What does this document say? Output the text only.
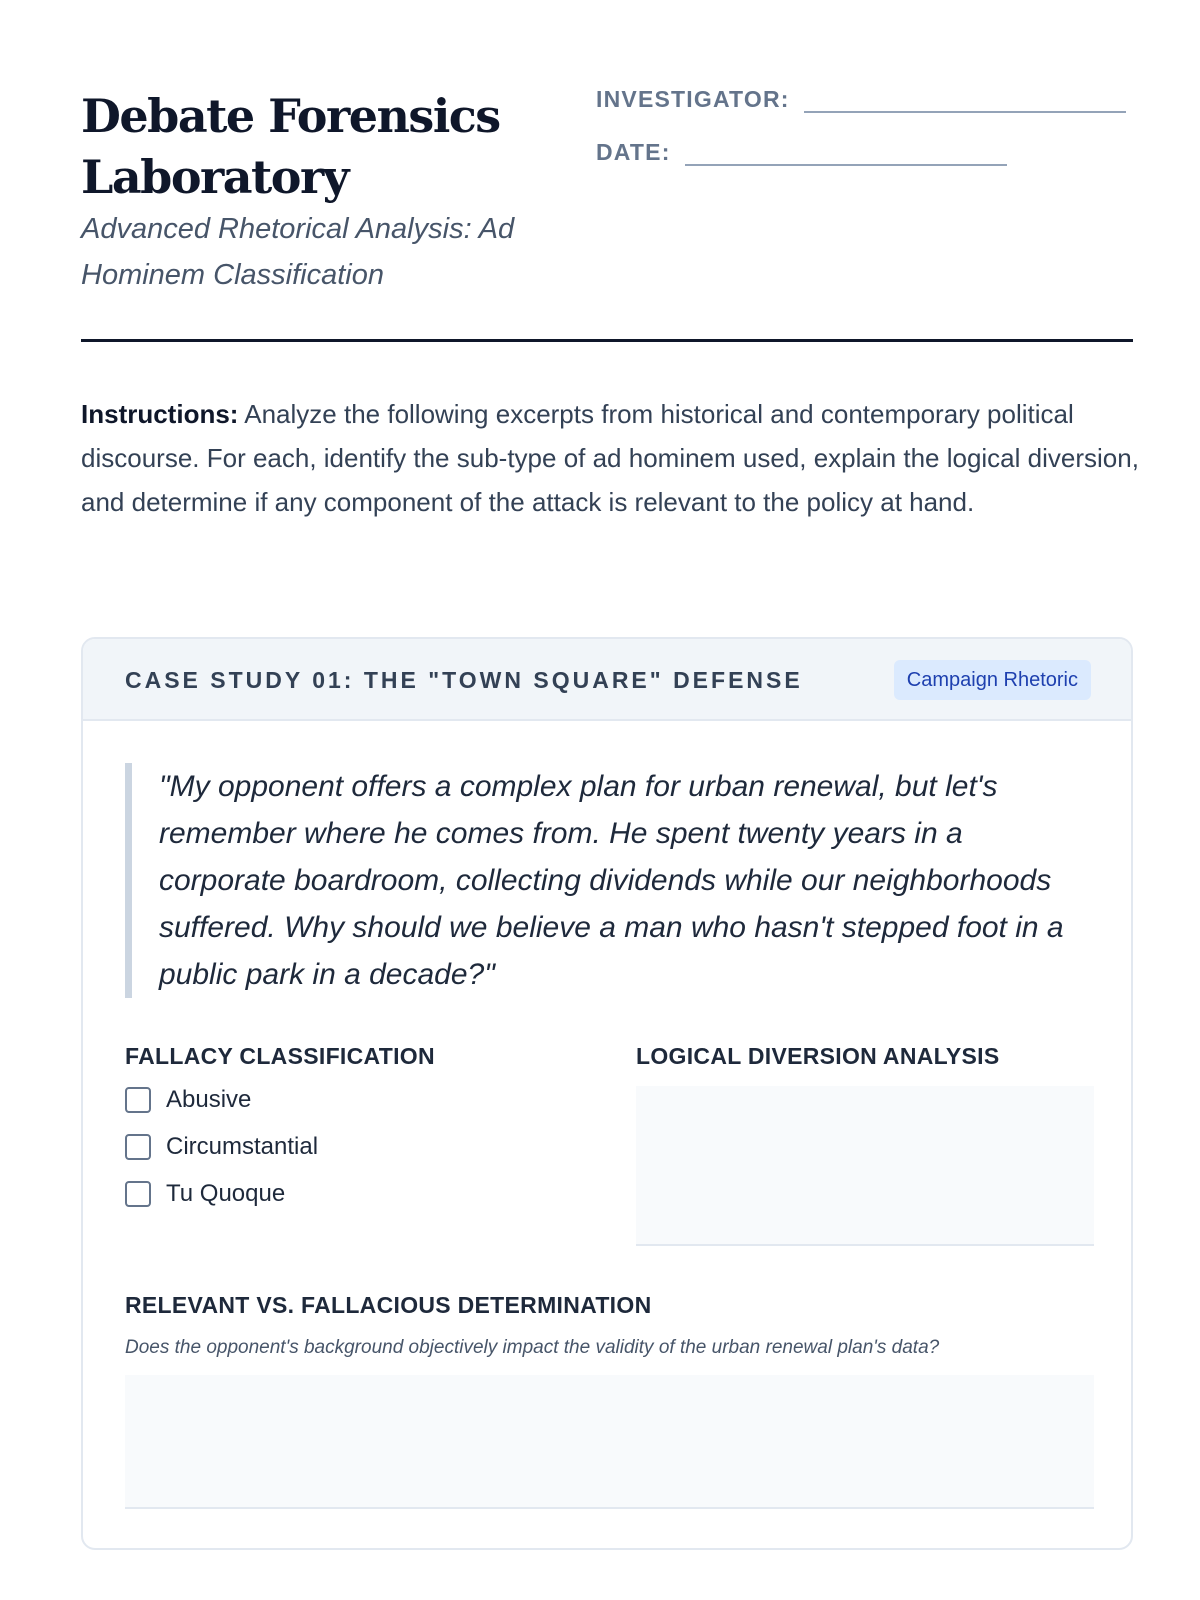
Debate Forensics Laboratory
Advanced Rhetorical Analysis: Ad Hominem Classification
INVESTIGATOR:
DATE:
Instructions: Analyze the following excerpts from historical and contemporary political discourse. For each, identify the sub-type of ad hominem used, explain the logical diversion, and determine if any component of the attack is relevant to the policy at hand.
CASE STUDY 01: THE "TOWN SQUARE" DEFENSE	Campaign Rhetoric
"My opponent offers a complex plan for urban renewal, but let's remember where he comes from. He spent twenty years in a corporate boardroom, collecting dividends while our neighborhoods suffered. Why should we believe a man who hasn't stepped foot in a public park in a decade?"
FALLACY CLASSIFICATION
Abusive
Circumstantial
Tu Quoque
LOGICAL DIVERSION ANALYSIS
RELEVANT VS. FALLACIOUS DETERMINATION
Does the opponent's background objectively impact the validity of the urban renewal plan's data?
